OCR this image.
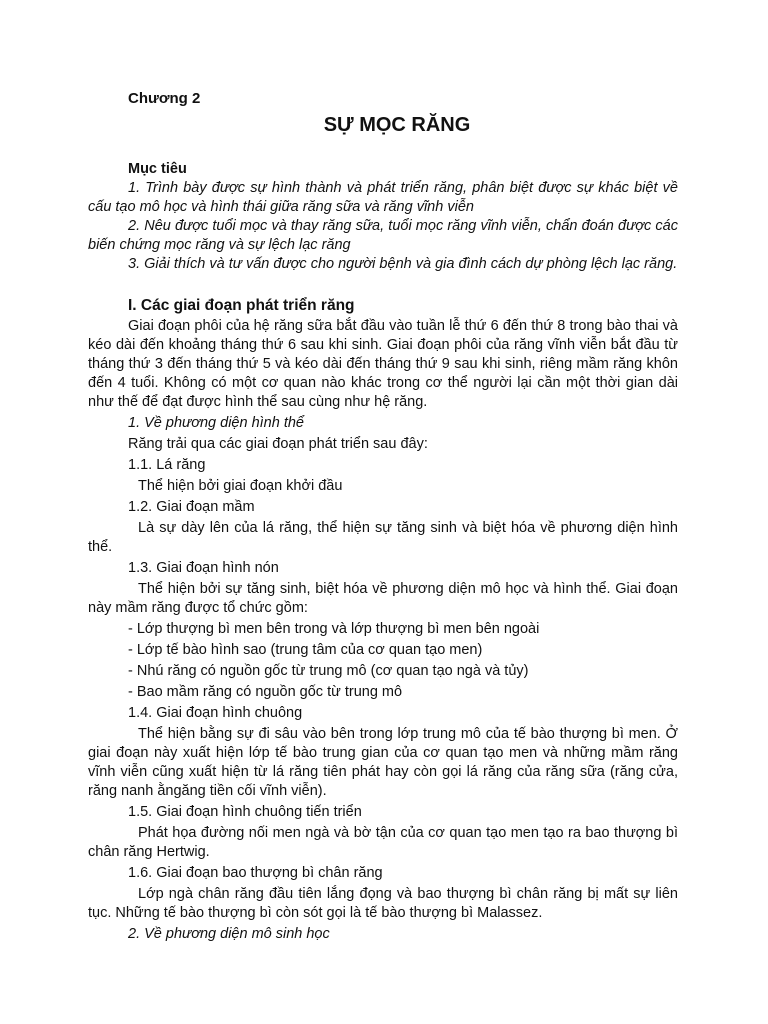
Chương 2
SỰ MỌC RĂNG
Mục tiêu
1. Trình bày được sự hình thành và phát triển răng, phân biệt được sự khác biệt về cấu tạo mô học và hình thái giữa răng sữa và răng vĩnh viễn
2. Nêu được tuổi mọc và thay răng sữa, tuổi mọc răng vĩnh viễn, chẩn đoán được các biến chứng mọc răng và sự lệch lạc răng
3. Giải thích và tư vấn được cho người bệnh và gia đình cách dự phòng lệch lạc răng.
I. Các giai đoạn phát triển răng
Giai đoạn phôi của hệ răng sữa bắt đầu vào tuần lễ thứ 6 đến thứ 8 trong bào thai và kéo dài đến khoảng tháng thứ 6 sau khi sinh. Giai đoạn phôi của răng vĩnh viễn bắt đầu từ tháng thứ 3 đến tháng thứ 5 và kéo dài đến tháng thứ 9 sau khi sinh, riêng mầm răng khôn đến 4 tuổi. Không có một cơ quan nào khác trong cơ thể người lại cần một thời gian dài như thế để đạt được hình thể sau cùng như hệ răng.
1. Về phương diện hình thể
Răng trải qua các giai đoạn phát triển sau đây:
1.1. Lá răng
Thể hiện bởi giai đoạn khởi đầu
1.2. Giai đoạn mầm
Là sự dày lên của lá răng, thể hiện sự tăng sinh và biệt hóa về phương diện hình thể.
1.3. Giai đoạn hình nón
Thể hiện bởi sự tăng sinh, biệt hóa về phương diện mô học và hình thể. Giai đoạn này mầm răng được tổ chức gồm:
- Lớp thượng bì men bên trong và lớp thượng bì men bên ngoài
- Lớp tế bào hình sao (trung tâm của cơ quan tạo men)
- Nhú răng có nguồn gốc từ trung mô (cơ quan tạo ngà và tủy)
- Bao mầm răng có nguồn gốc từ trung mô
1.4. Giai đoạn hình chuông
Thể hiện bằng sự đi sâu vào bên trong lớp trung mô của tế bào thượng bì men. Ở giai đoạn này xuất hiện lớp tế bào trung gian của cơ quan tạo men và những mầm răng vĩnh viễn cũng xuất hiện từ lá răng tiên phát hay còn gọi lá răng của răng sữa (răng cửa, răng nanh ằngăng tiền cối vĩnh viễn).
1.5. Giai đoạn hình chuông tiến triển
Phát họa đường nối men ngà và bờ tận của cơ quan tạo men tạo ra bao thượng bì chân răng Hertwig.
1.6. Giai đoạn bao thượng bì chân răng
Lớp ngà chân răng đầu tiên lắng đọng và bao thượng bì chân răng bị mất sự liên tục. Những tế bào thượng bì còn sót gọi là tế bào thượng bì Malassez.
2. Về phương diện mô sinh học
